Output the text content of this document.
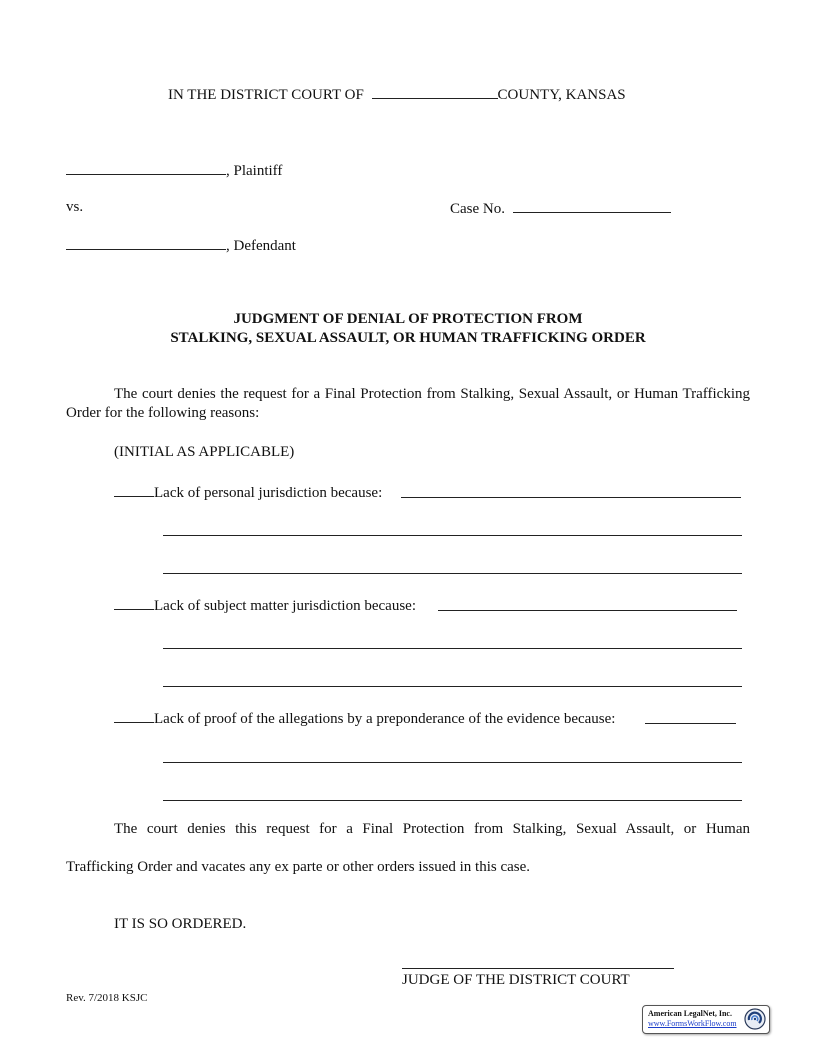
IN THE DISTRICT COURT OF	COUNTY, KANSAS
, Plaintiff
vs.	Case No.
, Defendant
JUDGMENT OF DENIAL OF PROTECTION FROM
STALKING, SEXUAL ASSAULT, OR HUMAN TRAFFICKING ORDER
The court denies the request for a Final Protection from Stalking, Sexual Assault, or Human Trafficking Order for the following reasons:
(INITIAL AS APPLICABLE)
Lack of personal jurisdiction because:
Lack of subject matter jurisdiction because:
Lack of proof of the allegations by a preponderance of the evidence because:
The court denies this request for a Final Protection from Stalking, Sexual Assault, or Human
Trafficking Order and vacates any ex parte or other orders issued in this case.
IT IS SO ORDERED.
JUDGE OF THE DISTRICT COURT
Rev. 7/2018 KSJC
American LegalNet, Inc.
www.FormsWorkFlow.com
